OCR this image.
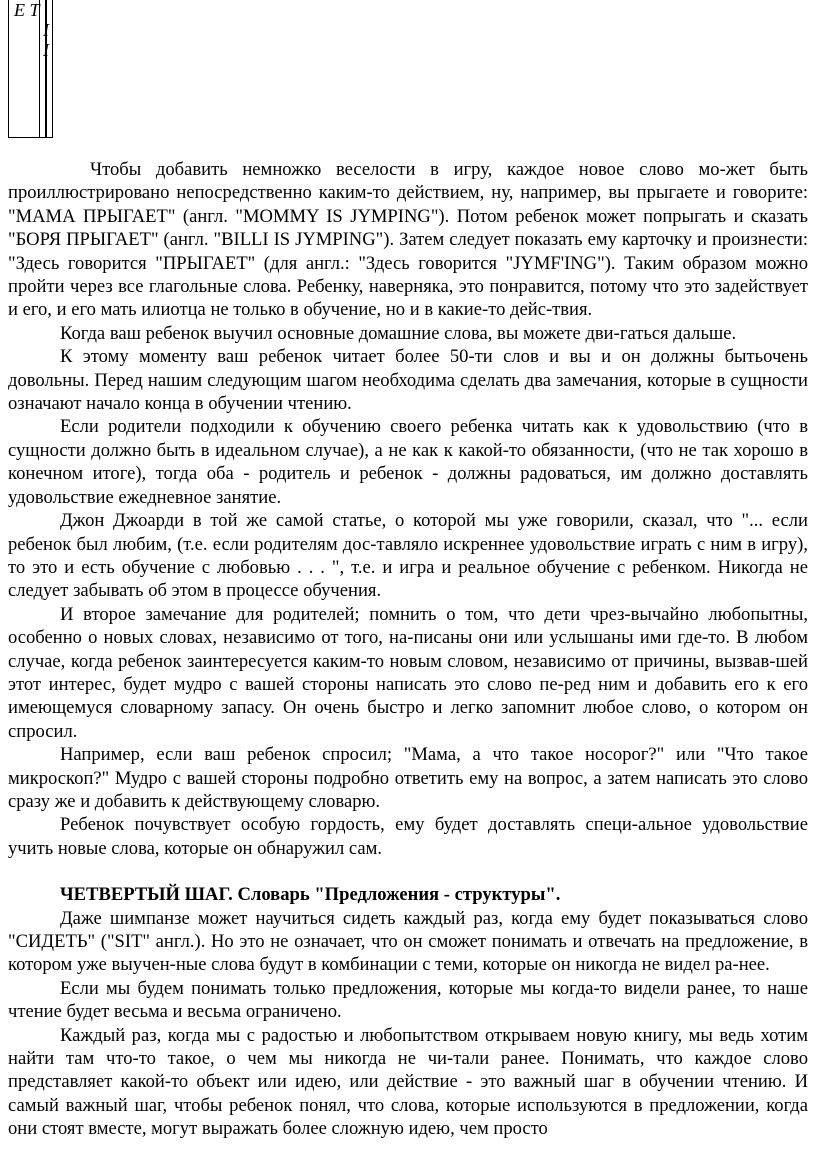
Е Т
I I

Чтобы добавить немножко веселости в игру, каждое новое слово мо-жет быть проиллюстрировано непосредственно каким-то действием, ну, например, вы прыгаете и говорите: "МАМА ПРЫГАЕТ" (англ. "MOMMY IS JYMPING"). Потом ребенок может попрыгать и сказать "БОРЯ ПРЫГАЕТ" (англ. "BILLI IS JYMPING"). Затем следует показать ему карточку и произнести: "Здесь говорится "ПРЫГАЕТ" (для англ.: "Здесь говорится "JYMF'ING"). Таким образом можно пройти через все глагольные слова. Ребенку, наверняка, это понравится, потому что это задействует и его, и его мать илиотца не только в обучение, но и в какие-то дейс-твия.

Когда ваш ребенок выучил основные домашние слова, вы можете дви-гаться дальше.

К этому моменту ваш ребенок читает более 50-ти слов и вы и он должны бытьочень довольны. Перед нашим следующим шагом необходима сделать два замечания, которые в сущности означают начало конца в обучении чтению.

Если родители подходили к обучению своего ребенка читать как к удовольствию (что в сущности должно быть в идеальном случае), а не как к какой-то обязанности, (что не так хорошо в конечном итоге), тогда оба - родитель и ребенок - должны радоваться, им должно доставлять удовольствие ежедневное занятие.

Джон Джоарди в той же самой статье, о которой мы уже говорили, сказал, что "... если ребенок был любим, (т.е. если родителям дос-тавляло искреннее удовольствие играть с ним в игру), то это и есть обучение с любовью . . . ", т.е. и игра и реальное обучение с ребенком. Никогда не следует забывать об этом в процессе обучения.

И второе замечание для родителей; помнить о том, что дети чрез-вычайно любопытны, особенно о новых словах, независимо от того, на-писаны они или услышаны ими где-то. В любом случае, когда ребенок заинтересуется каким-то новым словом, независимо от причины, вызвав-шей этот интерес, будет мудро с вашей стороны написать это слово пе-ред ним и добавить его к его имеющемуся словарному запасу. Он очень быстро и легко запомнит любое слово, о котором он спросил.

Например, если ваш ребенок спросил; "Мама, а что такое носорог?" или "Что такое микроскоп?" Мудро с вашей стороны подробно ответить ему на вопрос, а затем написать это слово сразу же и добавить к действующему словарю.

Ребенок почувствует особую гордость, ему будет доставлять специ-альное удовольствие учить новые слова, которые он обнаружил сам.

ЧЕТВЕРТЫЙ ШАГ. Словарь "Предложения - структуры".

Даже шимпанзе может научиться сидеть каждый раз, когда ему будет показываться слово "СИДЕТЬ" ("SIT" англ.). Но это не означает, что он сможет понимать и отвечать на предложение, в котором уже выучен-ные слова будут в комбинации с теми, которые он никогда не видел ра-нее.

Если мы будем понимать только предложения, которые мы когда-то видели ранее, то наше чтение будет весьма и весьма ограничено.

Каждый раз, когда мы с радостью и любопытством открываем новую книгу, мы ведь хотим найти там что-то такое, о чем мы никогда не чи-тали ранее. Понимать, что каждое слово представляет какой-то объект или идею, или действие - это важный шаг в обучении чтению. И самый важный шаг, чтобы ребенок понял, что слова, которые используются в предложении, когда они стоят вместе, могут выражать более сложную идею, чем просто
